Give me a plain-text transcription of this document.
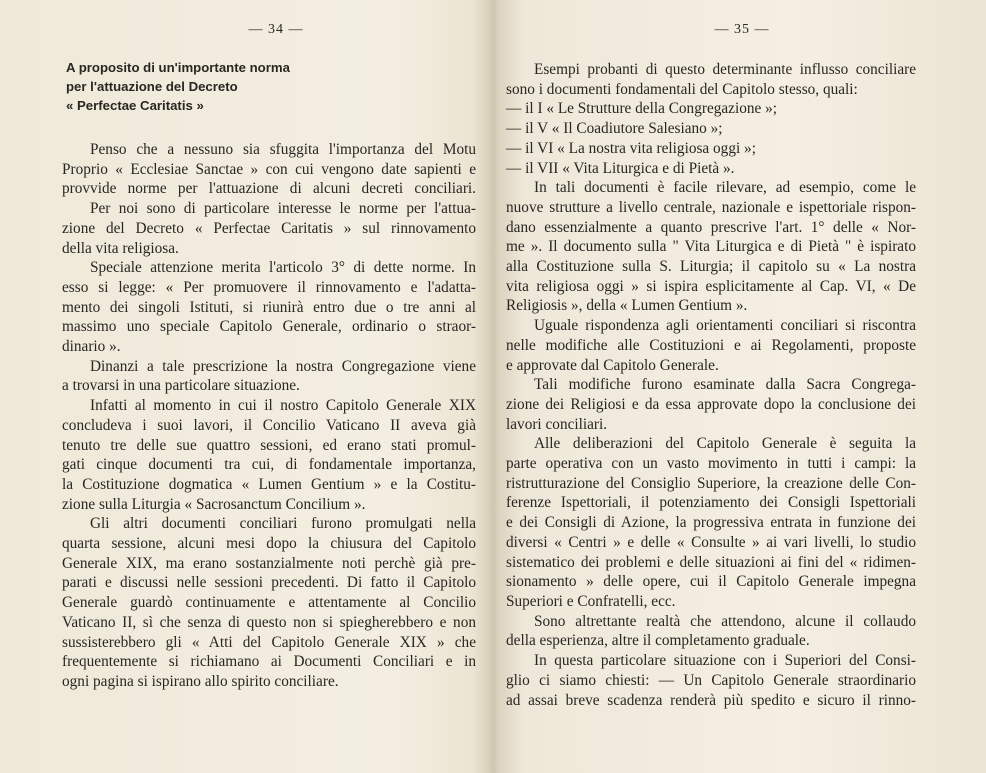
— 34 —
A proposito di un'importante norma
per l'attuazione del Decreto
« Perfectae Caritatis »
Penso che a nessuno sia sfuggita l'importanza del Motu
Proprio « Ecclesiae Sanctae » con cui vengono date sapienti e
provvide norme per l'attuazione di alcuni decreti conciliari.
Per noi sono di particolare interesse le norme per l'attua-
zione del Decreto « Perfectae Caritatis » sul rinnovamento
della vita religiosa.
Speciale attenzione merita l'articolo 3° di dette norme. In
esso si legge: « Per promuovere il rinnovamento e l'adatta-
mento dei singoli Istituti, si riunirà entro due o tre anni al
massimo uno speciale Capitolo Generale, ordinario o straor-
dinario ».
Dinanzi a tale prescrizione la nostra Congregazione viene
a trovarsi in una particolare situazione.
Infatti al momento in cui il nostro Capitolo Generale XIX
concludeva i suoi lavori, il Concilio Vaticano II aveva già
tenuto tre delle sue quattro sessioni, ed erano stati promul-
gati cinque documenti tra cui, di fondamentale importanza,
la Costituzione dogmatica « Lumen Gentium » e la Costitu-
zione sulla Liturgia « Sacrosanctum Concilium ».
Gli altri documenti conciliari furono promulgati nella
quarta sessione, alcuni mesi dopo la chiusura del Capitolo
Generale XIX, ma erano sostanzialmente noti perchè già pre-
parati e discussi nelle sessioni precedenti. Di fatto il Capitolo
Generale guardò continuamente e attentamente al Concilio
Vaticano II, sì che senza di questo non si spiegherebbero e non
sussisterebbero gli « Atti del Capitolo Generale XIX » che
frequentemente si richiamano ai Documenti Conciliari e in
ogni pagina si ispirano allo spirito conciliare.
— 35 —
Esempi probanti di questo determinante influsso conciliare
sono i documenti fondamentali del Capitolo stesso, quali:
— il I « Le Strutture della Congregazione »;
— il V « Il Coadiutore Salesiano »;
— il VI « La nostra vita religiosa oggi »;
— il VII « Vita Liturgica e di Pietà ».
In tali documenti è facile rilevare, ad esempio, come le
nuove strutture a livello centrale, nazionale e ispettoriale rispon-
dano essenzialmente a quanto prescrive l'art. 1° delle « Nor-
me ». Il documento sulla " Vita Liturgica e di Pietà " è ispirato
alla Costituzione sulla S. Liturgia; il capitolo su « La nostra
vita religiosa oggi » si ispira esplicitamente al Cap. VI, « De
Religiosis », della « Lumen Gentium ».
Uguale rispondenza agli orientamenti conciliari si riscontra
nelle modifiche alle Costituzioni e ai Regolamenti, proposte
e approvate dal Capitolo Generale.
Tali modifiche furono esaminate dalla Sacra Congrega-
zione dei Religiosi e da essa approvate dopo la conclusione dei
lavori conciliari.
Alle deliberazioni del Capitolo Generale è seguita la
parte operativa con un vasto movimento in tutti i campi: la
ristrutturazione del Consiglio Superiore, la creazione delle Con-
ferenze Ispettoriali, il potenziamento dei Consigli Ispettoriali
e dei Consigli di Azione, la progressiva entrata in funzione dei
diversi « Centri » e delle « Consulte » ai vari livelli, lo studio
sistematico dei problemi e delle situazioni ai fini del « ridimen-
sionamento » delle opere, cui il Capitolo Generale impegna
Superiori e Confratelli, ecc.
Sono altrettante realtà che attendono, alcune il collaudo
della esperienza, altre il completamento graduale.
In questa particolare situazione con i Superiori del Consi-
glio ci siamo chiesti: — Un Capitolo Generale straordinario
ad assai breve scadenza renderà più spedito e sicuro il rinno-
